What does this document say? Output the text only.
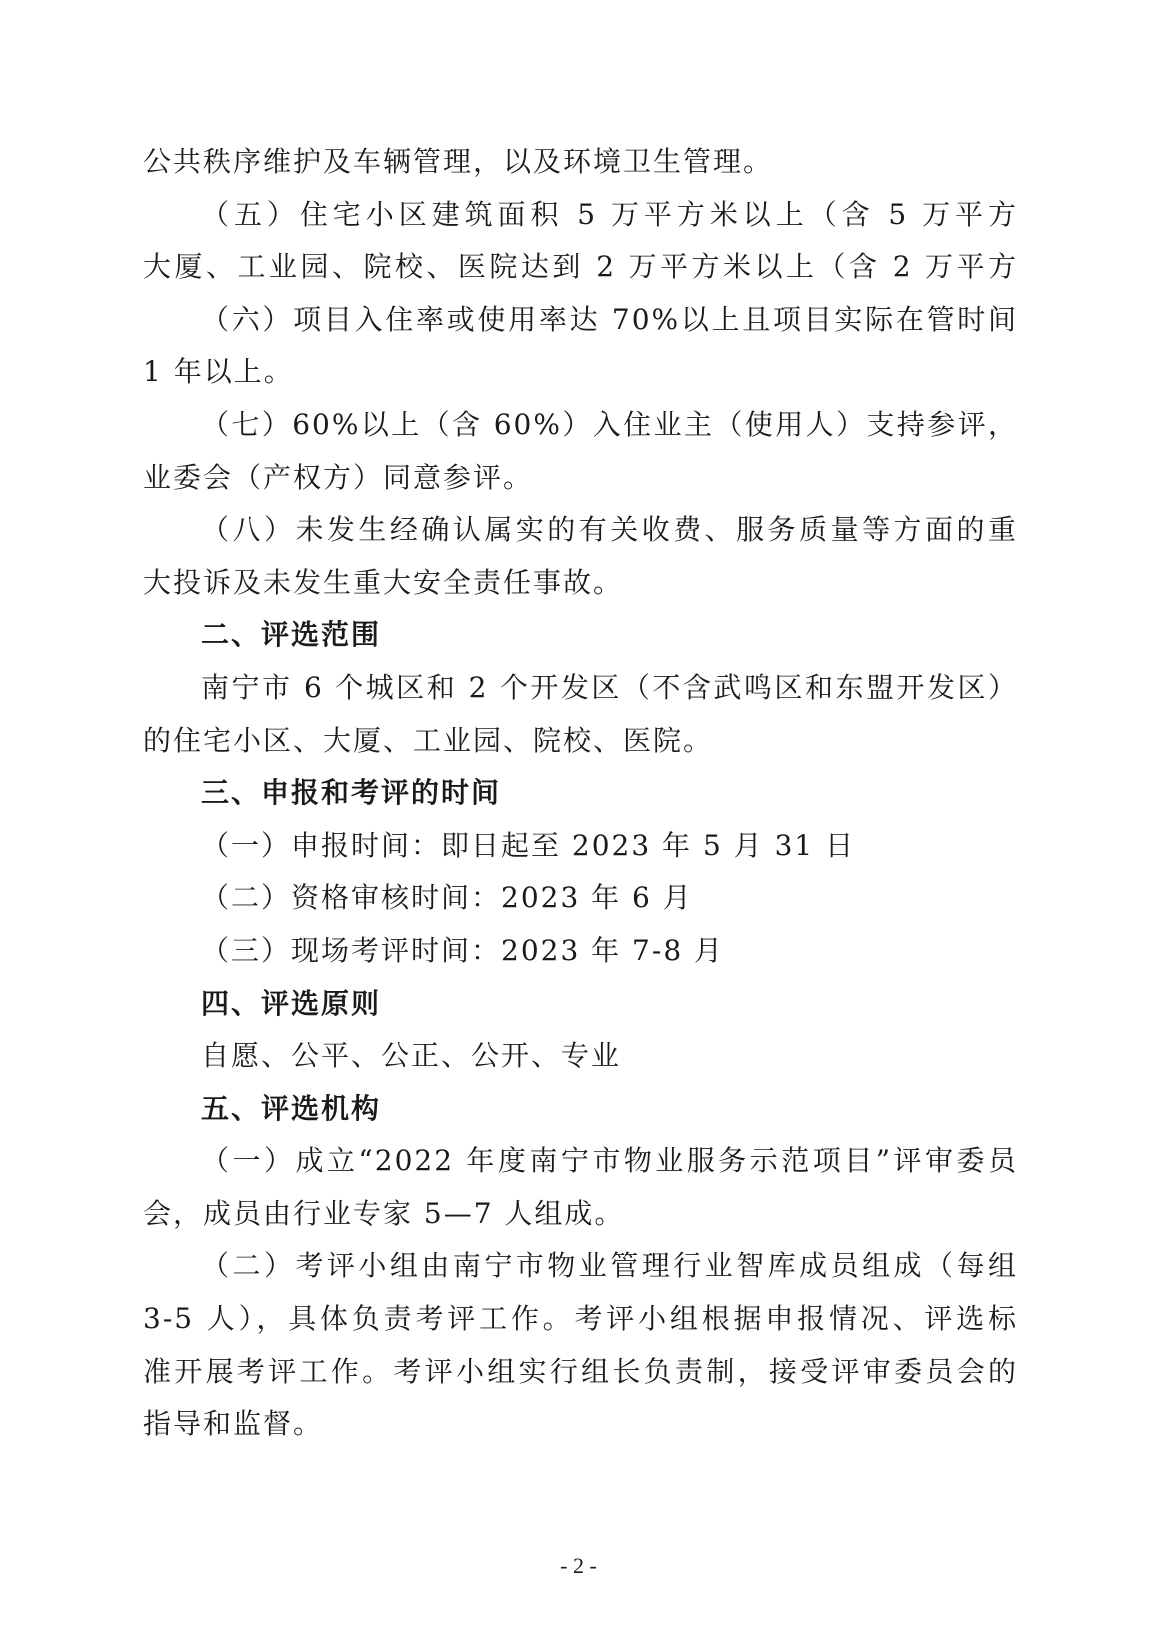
公共秩序维护及车辆管理，以及环境卫生管理。
（五）住宅小区建筑面积 5 万平方米以上（含 5 万平方
大厦、工业园、院校、医院达到 2 万平方米以上（含 2 万平方
（六）项目入住率或使用率达 70%以上且项目实际在管时间
1 年以上。
（七）60%以上（含 60%）入住业主（使用人）支持参评，
业委会（产权方）同意参评。
（八）未发生经确认属实的有关收费、服务质量等方面的重
大投诉及未发生重大安全责任事故。
二、评选范围
南宁市 6 个城区和 2 个开发区（不含武鸣区和东盟开发区）
的住宅小区、大厦、工业园、院校、医院。
三、申报和考评的时间
（一）申报时间：即日起至 2023 年 5 月 31 日
（二）资格审核时间：2023 年 6 月
（三）现场考评时间：2023 年 7-8 月
四、评选原则
自愿、公平、公正、公开、专业
五、评选机构
（一）成立“2022 年度南宁市物业服务示范项目”评审委员
会，成员由行业专家 5—7 人组成。
（二）考评小组由南宁市物业管理行业智库成员组成（每组
3-5 人），具体负责考评工作。考评小组根据申报情况、评选标
准开展考评工作。考评小组实行组长负责制，接受评审委员会的
指导和监督。
- 2 -
